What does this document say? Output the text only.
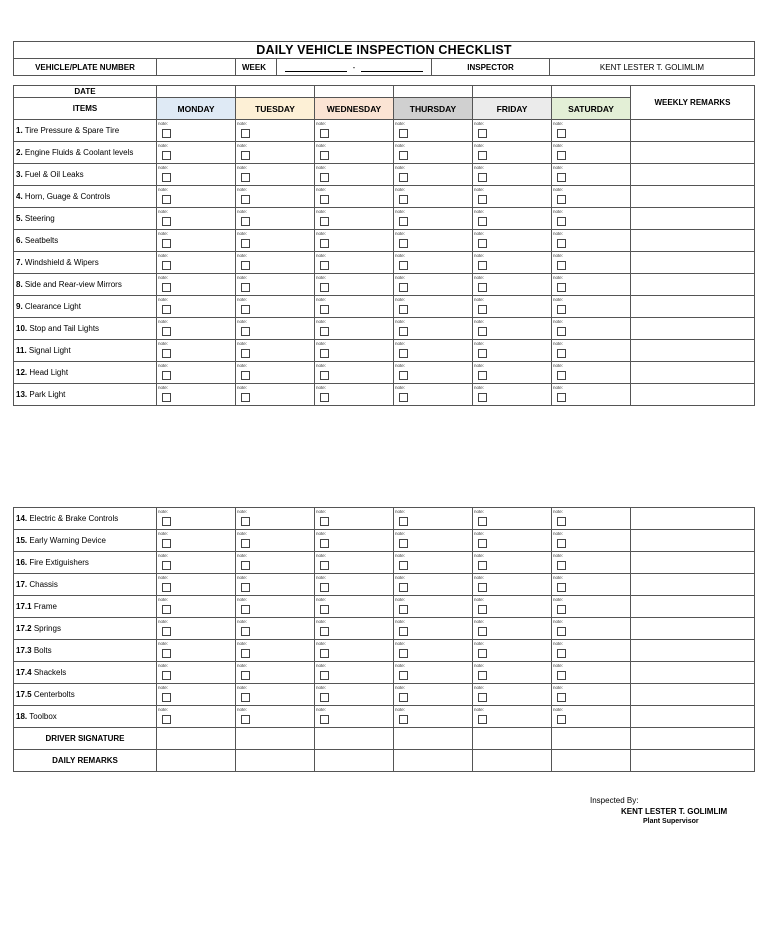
DAILY VEHICLE INSPECTION CHECKLIST
VEHICLE/PLATE NUMBER		WEEK	-	INSPECTOR	KENT LESTER T. GOLIMLIM
DATE							WEEKLY REMARKS
ITEMS	MONDAY	TUESDAY	WEDNESDAY	THURSDAY	FRIDAY	SATURDAY	
1. Tire Pressure & Spare Tire	note:	note:	note:	note:	note:	note:	

2. Engine Fluids & Coolant levels	note:	note:	note:	note:	note:	note:	

3. Fuel & Oil Leaks	note:	note:	note:	note:	note:	note:	

4. Horn, Guage & Controls	note:	note:	note:	note:	note:	note:	

5. Steering	note:	note:	note:	note:	note:	note:	

6. Seatbelts	note:	note:	note:	note:	note:	note:	

7. Windshield & Wipers	note:	note:	note:	note:	note:	note:	

8. Side and Rear-view Mirrors	note:	note:	note:	note:	note:	note:	

9. Clearance Light	note:	note:	note:	note:	note:	note:	

10. Stop and Tail Lights	note:	note:	note:	note:	note:	note:	

11. Signal Light	note:	note:	note:	note:	note:	note:	

12. Head Light	note:	note:	note:	note:	note:	note:	

13. Park Light	note:	note:	note:	note:	note:	note:	

14. Electric & Brake Controls	note:	note:	note:	note:	note:	note:	

15. Early Warning Device	note:	note:	note:	note:	note:	note:	

16. Fire Extiguishers	note:	note:	note:	note:	note:	note:	

17. Chassis	note:	note:	note:	note:	note:	note:	

17.1 Frame	note:	note:	note:	note:	note:	note:	

17.2 Springs	note:	note:	note:	note:	note:	note:	

17.3 Bolts	note:	note:	note:	note:	note:	note:	

17.4 Shackels	note:	note:	note:	note:	note:	note:	

17.5 Centerbolts	note:	note:	note:	note:	note:	note:	

18. Toolbox	note:	note:	note:	note:	note:	note:	

DRIVER SIGNATURE							
DAILY REMARKS							
Inspected By:
KENT LESTER T. GOLIMLIM
Plant Supervisor
